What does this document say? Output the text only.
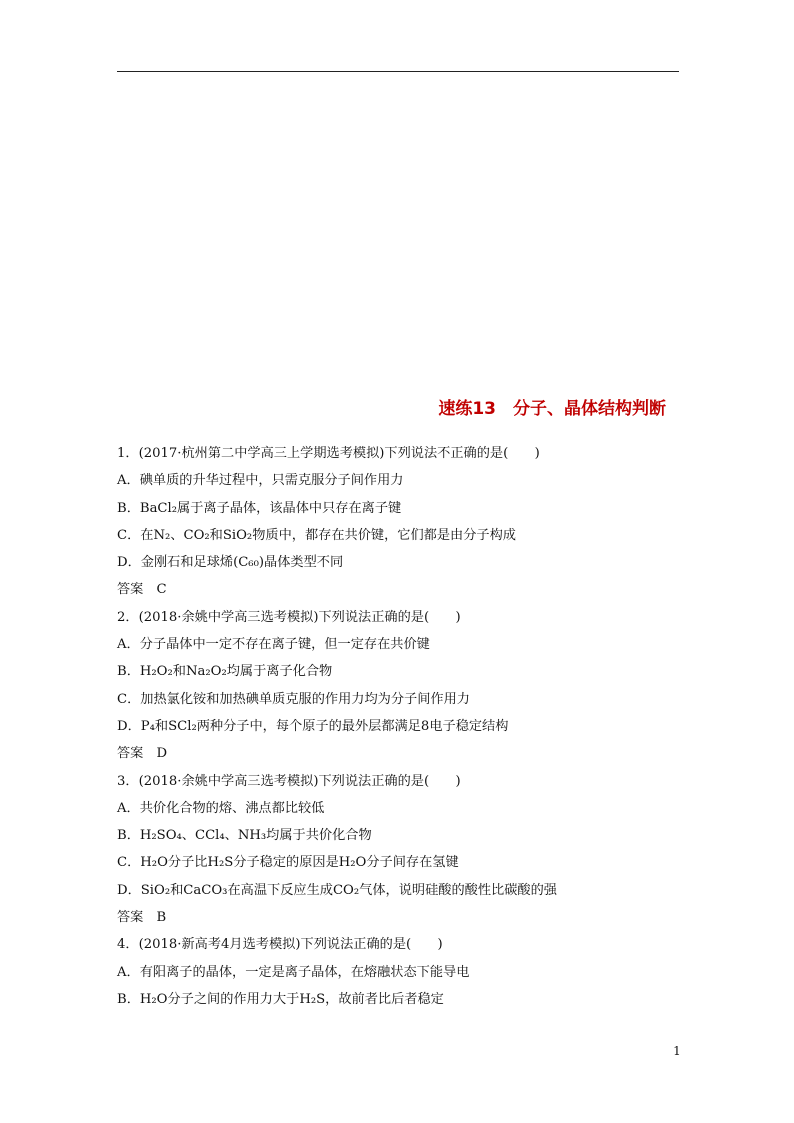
速练13　分子、晶体结构判断
1．(2017·杭州第二中学高三上学期选考模拟)下列说法不正确的是(　　)
A．碘单质的升华过程中，只需克服分子间作用力
B．BaCl₂属于离子晶体，该晶体中只存在离子键
C．在N₂、CO₂和SiO₂物质中，都存在共价键，它们都是由分子构成
D．金刚石和足球烯(C₆₀)晶体类型不同
答案　C
2．(2018·余姚中学高三选考模拟)下列说法正确的是(　　)
A．分子晶体中一定不存在离子键，但一定存在共价键
B．H₂O₂和Na₂O₂均属于离子化合物
C．加热氯化铵和加热碘单质克服的作用力均为分子间作用力
D．P₄和SCl₂两种分子中，每个原子的最外层都满足8电子稳定结构
答案　D
3．(2018·余姚中学高三选考模拟)下列说法正确的是(　　)
A．共价化合物的熔、沸点都比较低
B．H₂SO₄、CCl₄、NH₃均属于共价化合物
C．H₂O分子比H₂S分子稳定的原因是H₂O分子间存在氢键
D．SiO₂和CaCO₃在高温下反应生成CO₂气体，说明硅酸的酸性比碳酸的强
答案　B
4．(2018·新高考4月选考模拟)下列说法正确的是(　　)
A．有阳离子的晶体，一定是离子晶体，在熔融状态下能导电
B．H₂O分子之间的作用力大于H₂S，故前者比后者稳定
1
